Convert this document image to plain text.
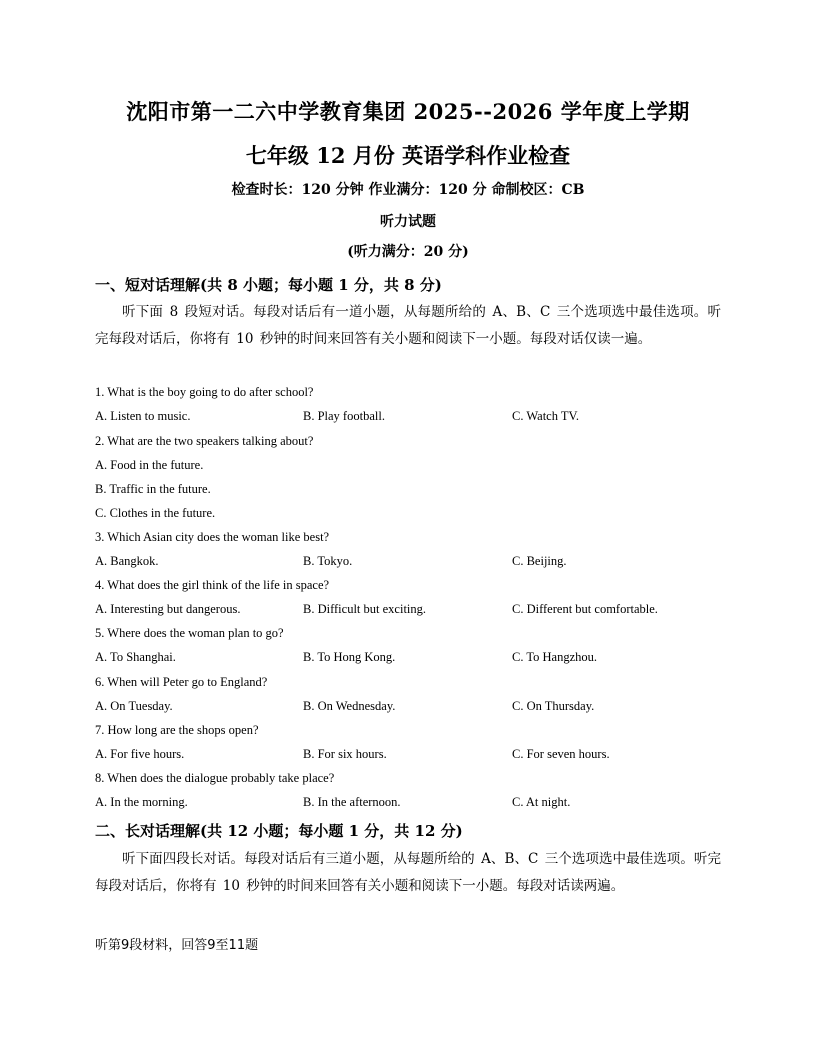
沈阳市第一二六中学教育集团 2025--2026 学年度上学期
七年级 12 月份 英语学科作业检查
检查时长：120 分钟 作业满分：120 分 命制校区：CB
听力试题
(听力满分：20 分)
一、短对话理解(共 8 小题；每小题 1 分，共 8 分)
听下面 8 段短对话。每段对话后有一道小题，从每题所给的 A、B、C 三个选项选中最佳选项。听完每段对话后，你将有 10 秒钟的时间来回答有关小题和阅读下一小题。每段对话仅读一遍。
1. What is the boy going to do after school?
A. Listen to music.	B. Play football.	C. Watch TV.
2. What are the two speakers talking about?
A. Food in the future.
B. Traffic in the future.
C. Clothes in the future.
3. Which Asian city does the woman like best?
A. Bangkok.	B. Tokyo.	C. Beijing.
4. What does the girl think of the life in space?
A. Interesting but dangerous.	B. Difficult but exciting.	C. Different but comfortable.
5. Where does the woman plan to go?
A. To Shanghai.	B. To Hong Kong.	C. To Hangzhou.
6. When will Peter go to England?
A. On Tuesday.	B. On Wednesday.	C. On Thursday.
7. How long are the shops open?
A. For five hours.	B. For six hours.	C. For seven hours.
8. When does the dialogue probably take place?
A. In the morning.	B. In the afternoon.	C. At night.
二、长对话理解(共 12 小题；每小题 1 分，共 12 分)
听下面四段长对话。每段对话后有三道小题，从每题所给的 A、B、C 三个选项选中最佳选项。听完每段对话后，你将有 10 秒钟的时间来回答有关小题和阅读下一小题。每段对话读两遍。
听第9段材料，回答9至11题
